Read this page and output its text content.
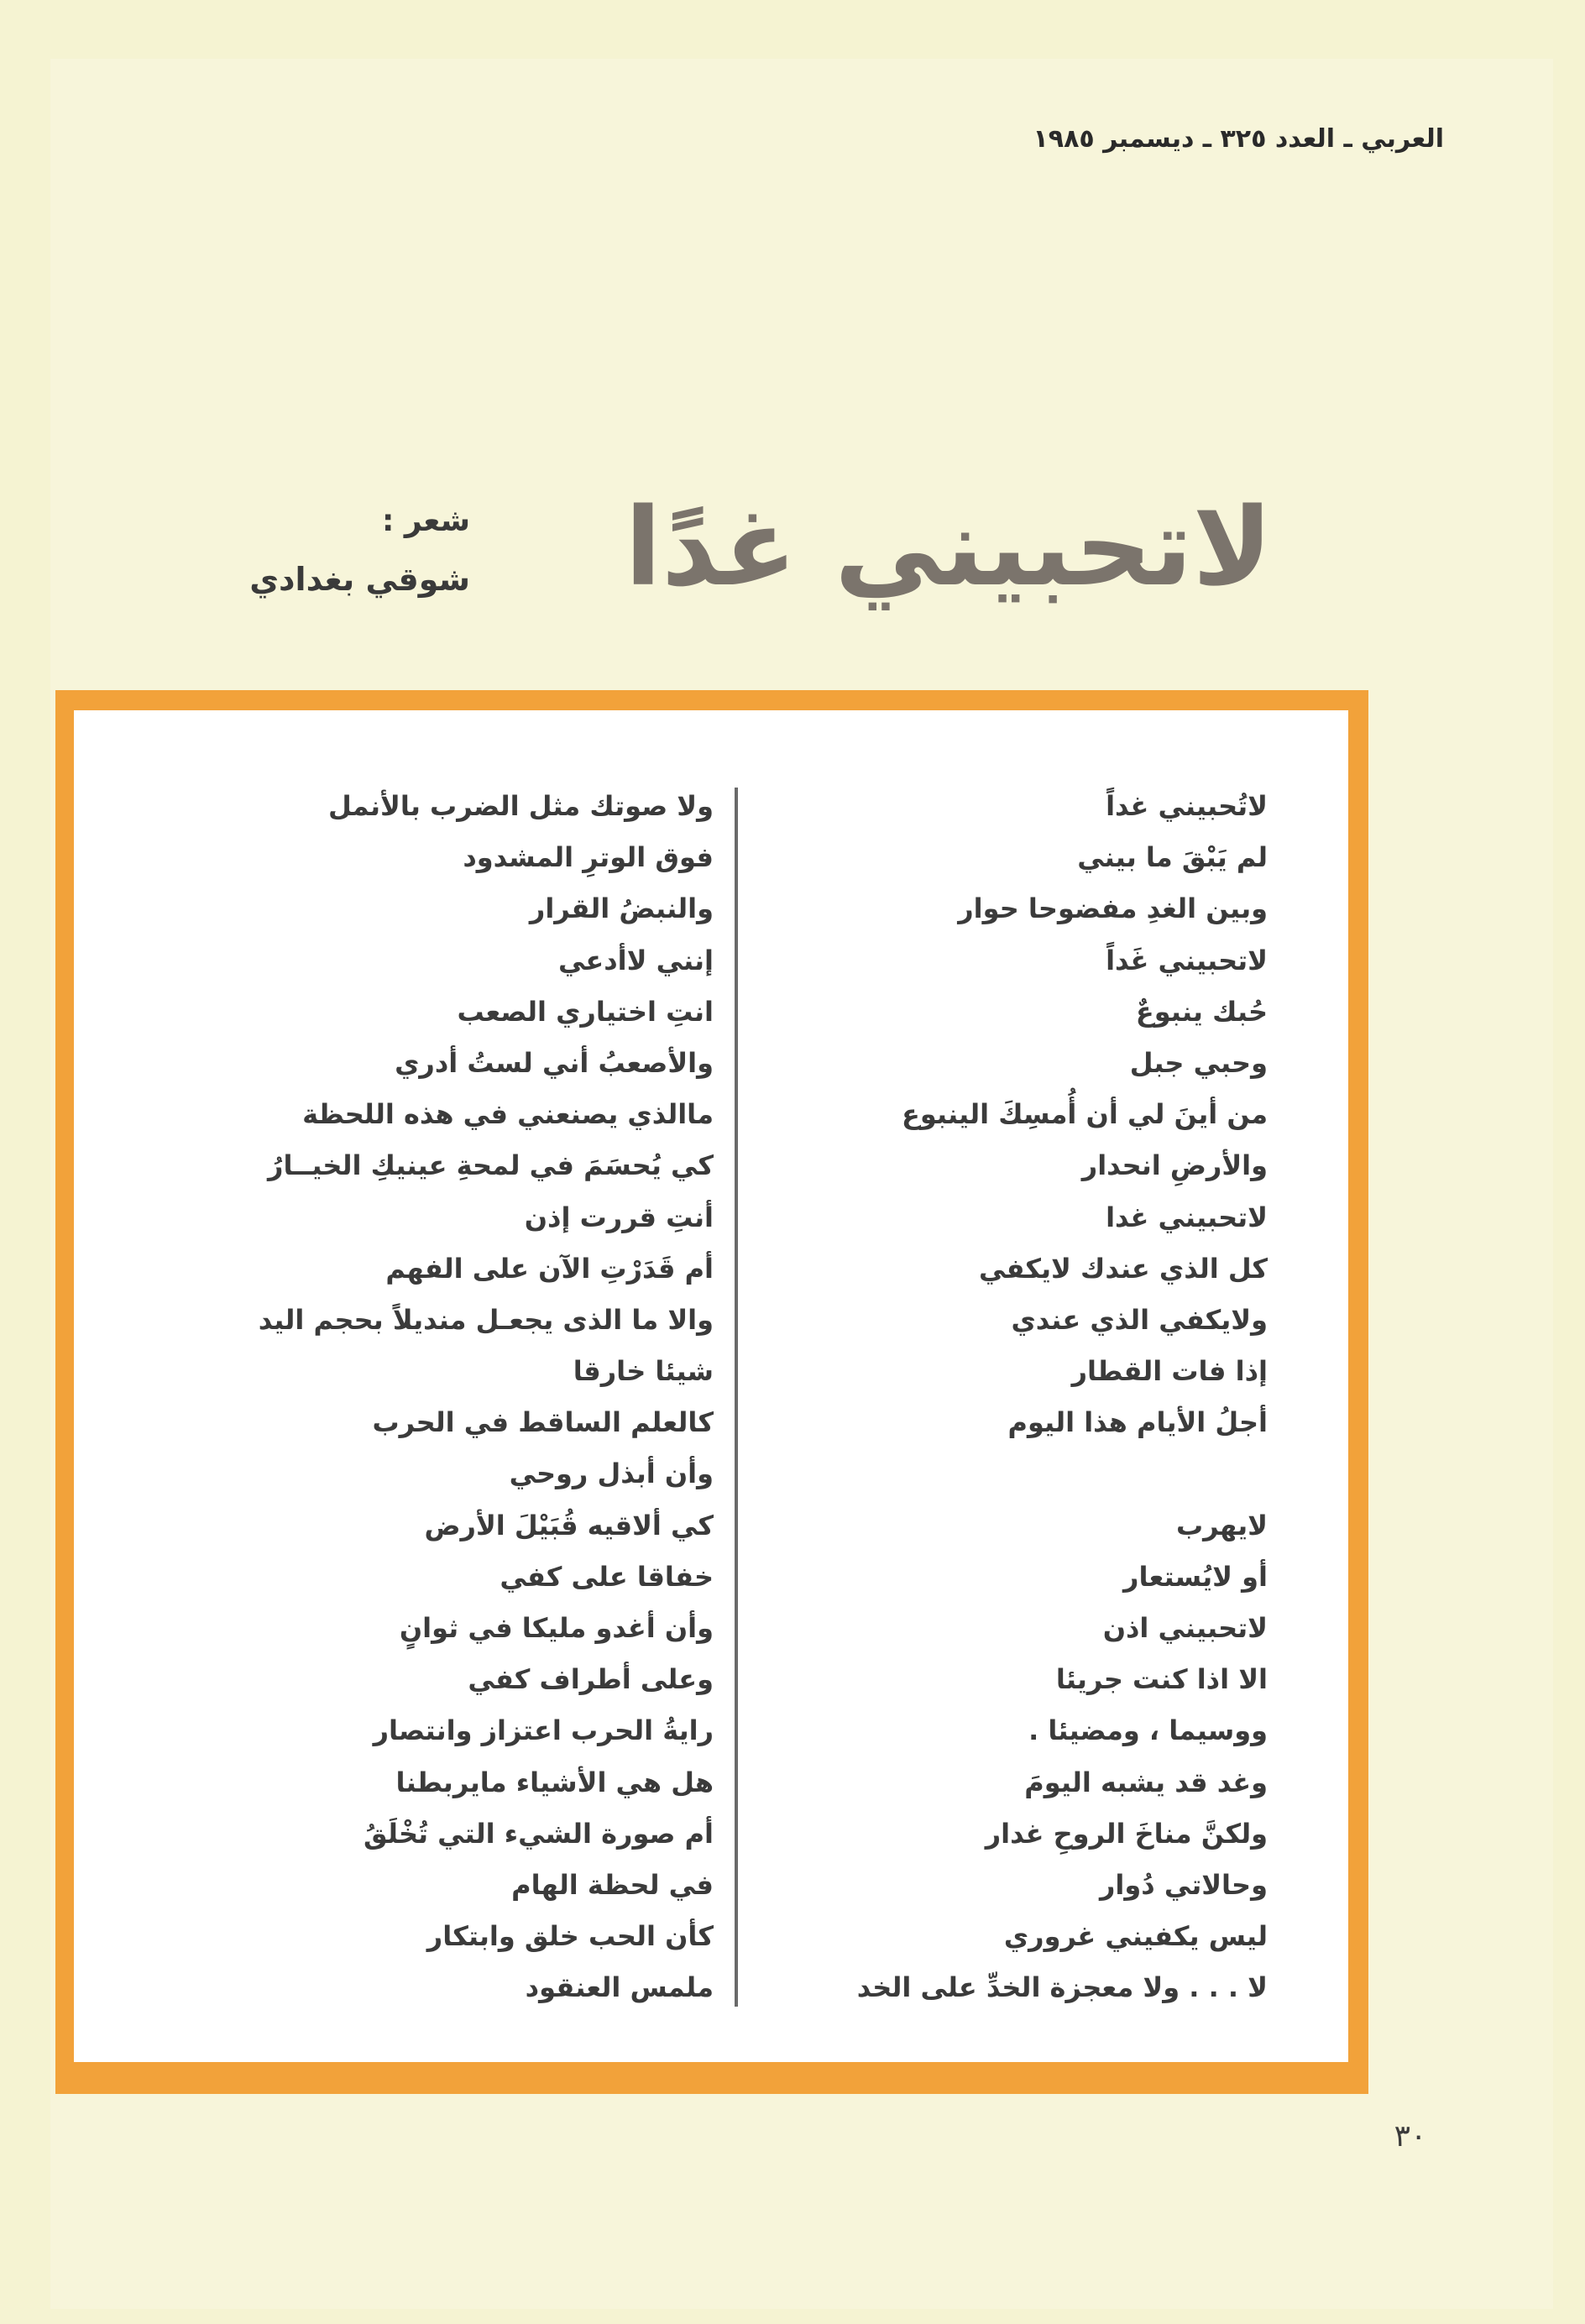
العربي ـ العدد ٣٢٥ ـ ديسمبر ١٩٨٥
لاتحبيني غدًا
شعر :
شوقي بغدادي
لاتُحبيني غداً
لم يَبْقَ ما بيني
وبين الغدِ مفضوحا حوار
لاتحبيني غَداً
حُبك ينبوعٌ
وحبي جبل
من أينَ لي أن أُمسِكَ الينبوع
والأرضِ انحدار
لاتحبيني غدا
كل الذي عندك لايكفي
ولايكفي الذي عندي
إذا فات القطار
أجلُ الأيام هذا اليوم
لايهرب
أو لايُستعار
لاتحبيني اذن
الا اذا كنت جريئا
ووسيما ، ومضيئا .
وغد قد يشبه اليومَ
ولكنَّ مناخَ الروحِ غدار
وحالاتي دُوار
ليس يكفيني غروري
لا . . . ولا معجزة الخدِّ على الخد
ولا صوتك مثل الضرب بالأنمل
فوق الوترِ المشدود
والنبضُ القرار
إنني لاأدعي
انتِ اختياري الصعب
والأصعبُ أني لستُ أدري
ماالذي يصنعني في هذه اللحظة
كي يُحسَمَ في لمحةِ عينيكِ الخيــارُ
أنتِ قررت إذن
أم قَدَرْتِ الآن على الفهم
والا ما الذى يجعـل منديلاً بحجم اليد
شيئا خارقا
كالعلم الساقط في الحرب
وأن أبذل روحي
كي ألاقيه قُبَيْلَ الأرض
خفاقا على كفي
وأن أغدو مليكا في ثوانٍ
وعلى أطراف كفي
رايةُ الحرب اعتزاز وانتصار
هل هي الأشياء مايربطنا
أم صورة الشيء التي تُخْلَقُ
في لحظة الهام
كأن الحب خلق وابتكار
ملمس العنقود
٣٠
